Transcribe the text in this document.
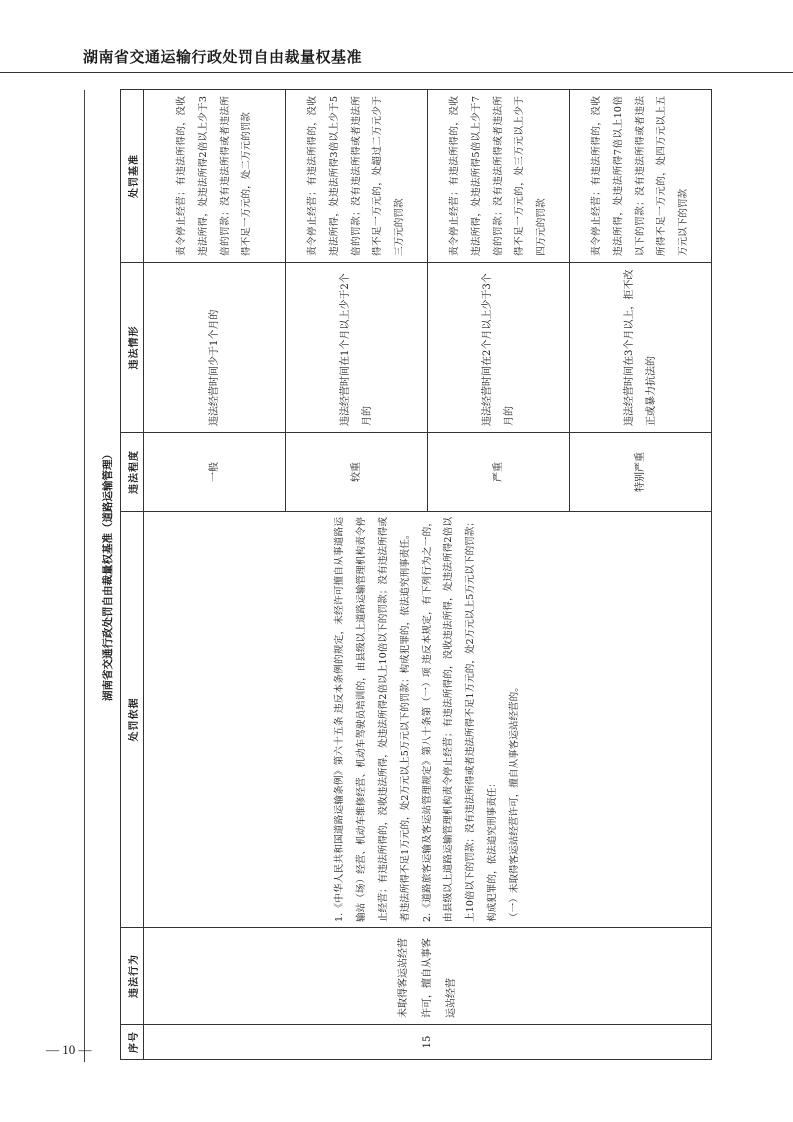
湖南省交通运输行政处罚自由裁量权基准
— 10 —
湖南省交通行政处罚自由裁量权基准（道路运输管理）
序号	违法行为	处罚依据	违法程度	违法情形	处罚基准
15	未取得客运站经营许可，擅自从事客运站经营	1.《中华人民共和国道路运输条例》第六十五条 违反本条例的规定，未经许可擅自从事道路运输站（场）经营、机动车维修经营、机动车驾驶员培训的，由县级以上道路运输管理机构责令停止经营；有违法所得的，没收违法所得，处违法所得2倍以上10倍以下的罚款；没有违法所得或者违法所得不足1万元的，处2万元以上5万元以下的罚款；构成犯罪的，依法追究刑事责任。 2.《道路旅客运输及客运站管理规定》第八十条第（一）项 违反本规定，有下列行为之一的，由县级以上道路运输管理机构责令停止经营；有违法所得的，没收违法所得，处违法所得2倍以上10倍以下的罚款；没有违法所得或者违法所得不足1万元的，处2万元以上5万元以下的罚款；构成犯罪的，依法追究刑事责任： （一）未取得客运站经营许可，擅自从事客运站经营的。	一般	违法经营时间少于1个月的	责令停止经营；有违法所得的，没收违法所得，处违法所得2倍以上少于3倍的罚款；没有违法所得或者违法所得不足一万元的，处二万元的罚款
			较重	违法经营时间在1个月以上少于2个月的	责令停止经营；有违法所得的，没收违法所得，处违法所得3倍以上少于5倍的罚款；没有违法所得或者违法所得不足一万元的，处超过二万元少于三万元的罚款
			严重	违法经营时间在2个月以上少于3个月的	责令停止经营；有违法所得的，没收违法所得，处违法所得5倍以上少于7倍的罚款；没有违法所得或者违法所得不足一万元的，处三万元以上少于四万元的罚款
			特别严重	违法经营时间在3个月以上，拒不改正或暴力抗法的	责令停止经营；有违法所得的，没收违法所得，处违法所得7倍以上10倍以下的罚款；没有违法所得或者违法所得不足一万元的，处四万元以上五万元以下的罚款
